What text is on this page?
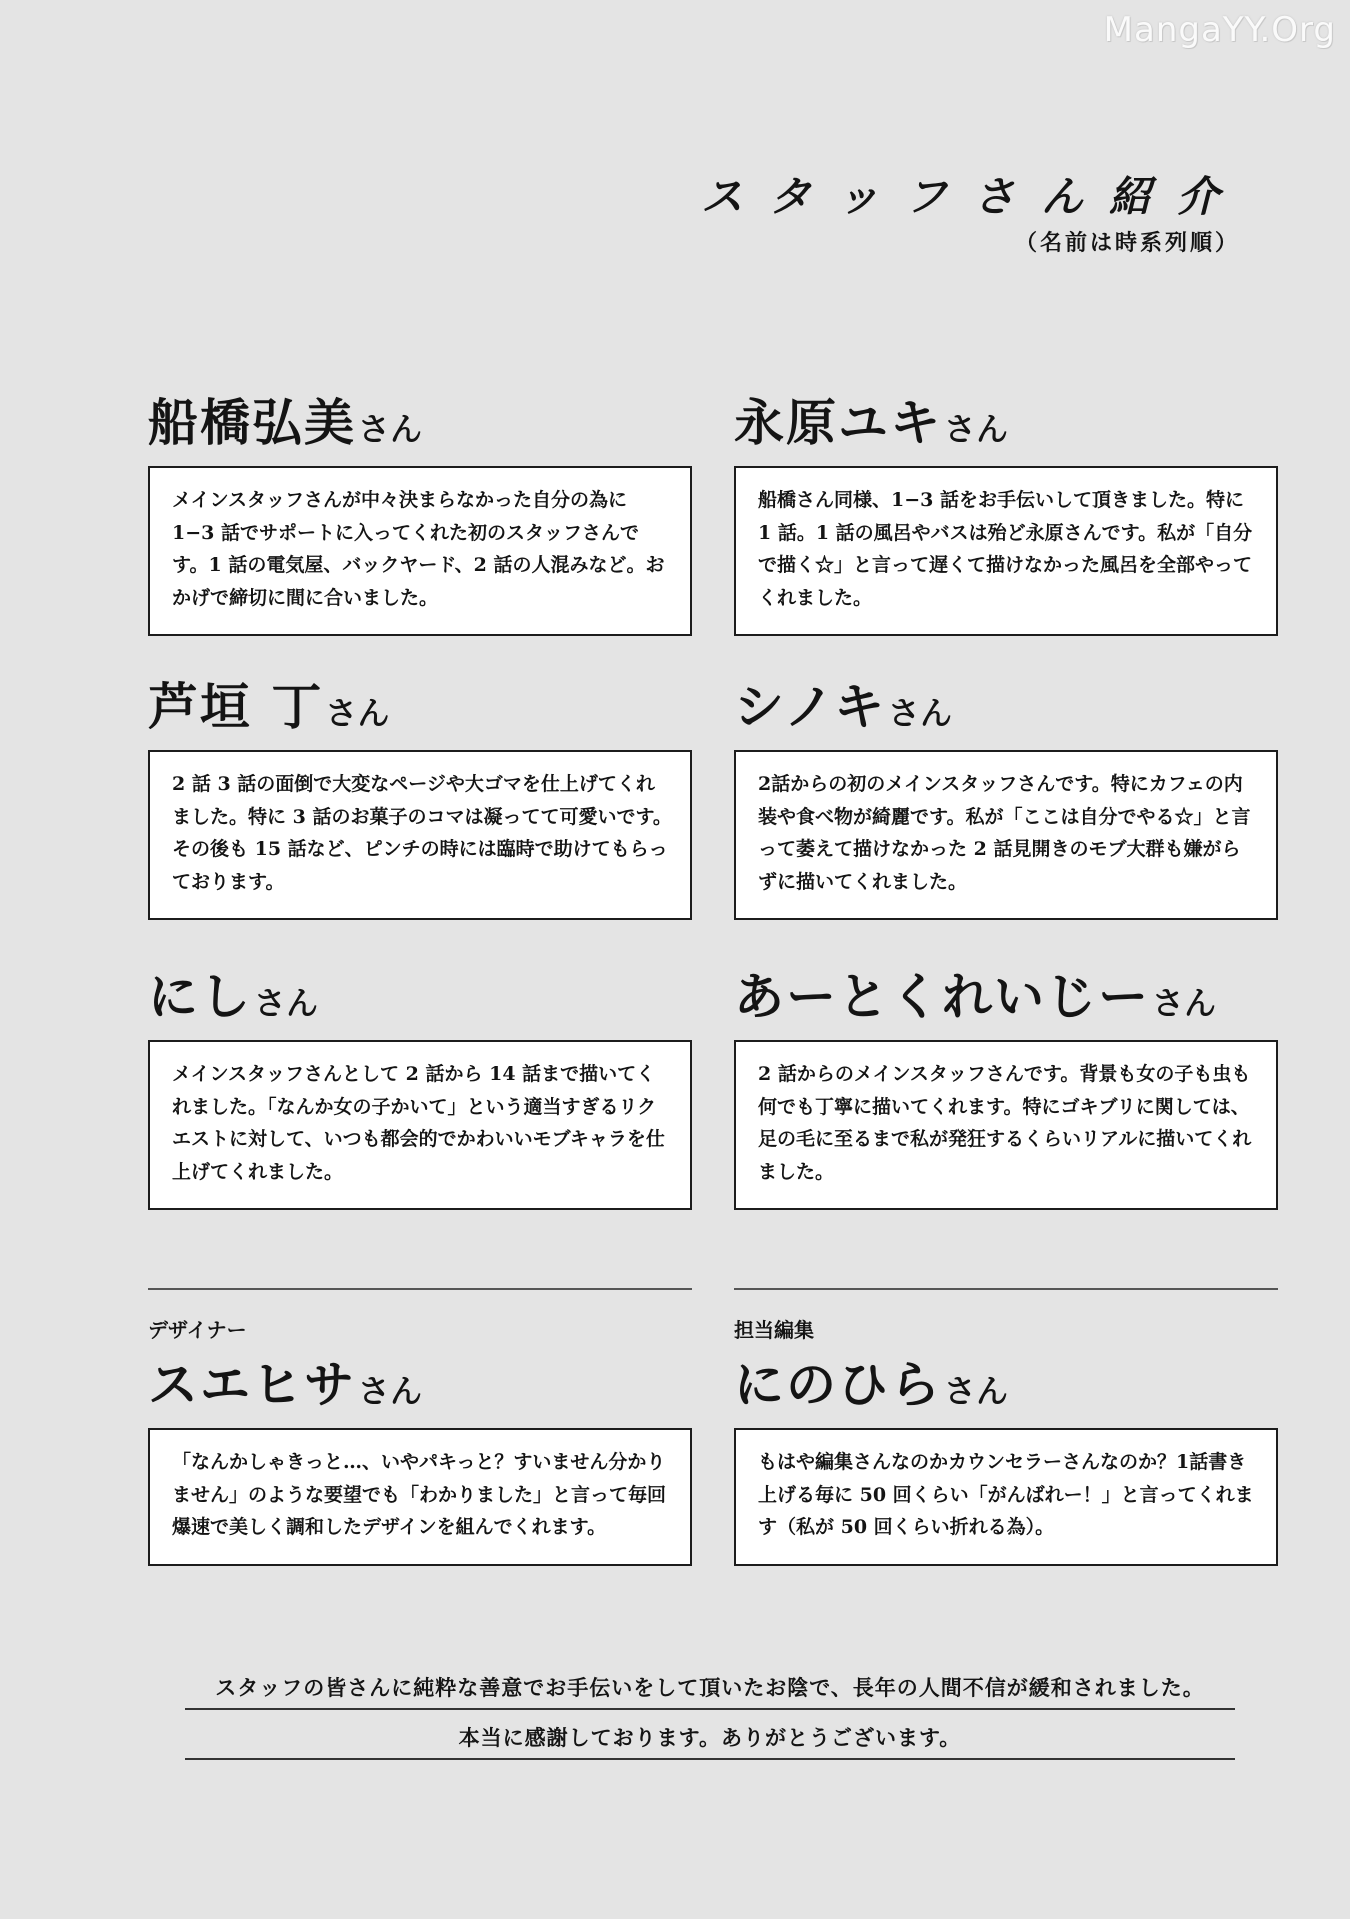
MangaYY.Org
スタッフさん紹介
（名前は時系列順）
船橋弘美さん
メインスタッフさんが中々決まらなかった自分の為に 1−3 話でサポートに入ってくれた初のスタッフさんです。1 話の電気屋、バックヤード、2 話の人混みなど。おかげで締切に間に合いました。
永原ユキさん
船橋さん同様、1−3 話をお手伝いして頂きました。特に 1 話。1 話の風呂やバスは殆ど永原さんです。私が「自分で描く☆」と言って遅くて描けなかった風呂を全部やってくれました。
芦垣 丁さん
2 話 3 話の面倒で大変なページや大ゴマを仕上げてくれました。特に 3 話のお菓子のコマは凝ってて可愛いです。その後も 15 話など、ピンチの時には臨時で助けてもらっております。
シノキさん
2話からの初のメインスタッフさんです。特にカフェの内装や食べ物が綺麗です。私が「ここは自分でやる☆」と言って萎えて描けなかった 2 話見開きのモブ大群も嫌がらずに描いてくれました。
にしさん
メインスタッフさんとして 2 話から 14 話まで描いてくれました。「なんか女の子かいて」という適当すぎるリクエストに対して、いつも都会的でかわいいモブキャラを仕上げてくれました。
あーとくれいじーさん
2 話からのメインスタッフさんです。背景も女の子も虫も何でも丁寧に描いてくれます。特にゴキブリに関しては、足の毛に至るまで私が発狂するくらいリアルに描いてくれました。
デザイナー
スエヒサさん
「なんかしゃきっと…、いやパキっと？すいません分かりません」のような要望でも「わかりました」と言って毎回爆速で美しく調和したデザインを組んでくれます。
担当編集
にのひらさん
もはや編集さんなのかカウンセラーさんなのか？1話書き上げる毎に 50 回くらい「がんばれー！」と言ってくれます（私が 50 回くらい折れる為）。
スタッフの皆さんに純粋な善意でお手伝いをして頂いたお陰で、長年の人間不信が緩和されました。
本当に感謝しております。ありがとうございます。
